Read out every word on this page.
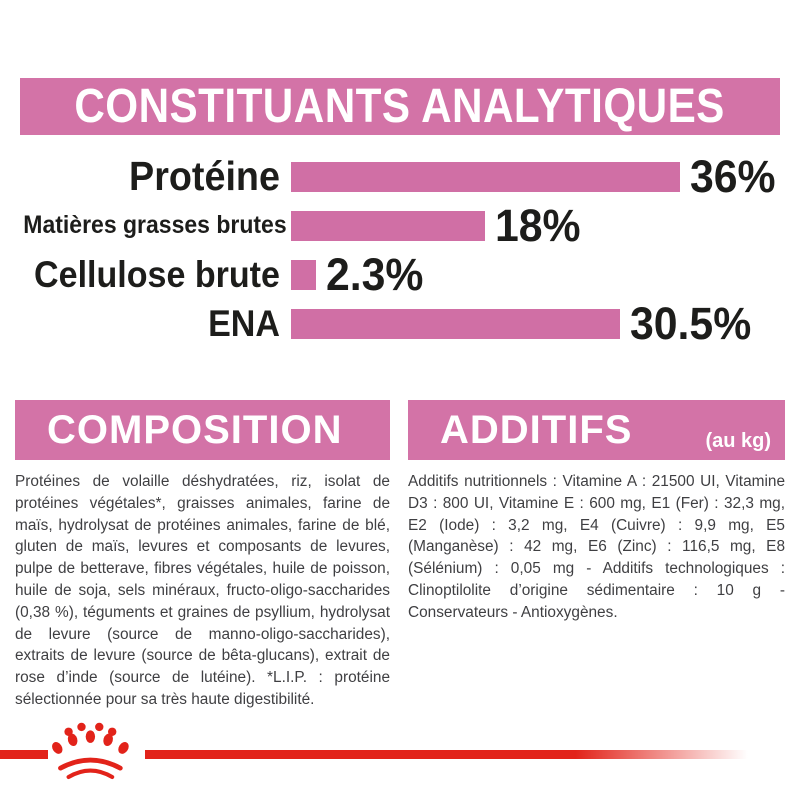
CONSTITUANTS ANALYTIQUES
Protéine	36%
Matières grasses brutes	18%
Cellulose brute 2.3%
ENA	30.5%
COMPOSITION
Protéines de volaille déshydratées, riz, isolat de protéines végétales*, graisses animales, farine de maïs, hydrolysat de protéines animales, farine de blé, gluten de maïs, levures et composants de levures, pulpe de betterave, fibres végétales, huile de poisson, huile de soja, sels minéraux, fructo-oligo-saccharides (0,38 %), téguments et graines de psyllium, hydrolysat de levure (source de manno-oligo-saccharides), extraits de levure (source de bêta-glucans), extrait de rose d’inde (source de lutéine). *L.I.P. : protéine sélectionnée pour sa très haute digestibilité.
ADDITIFS	(au kg)
Additifs nutritionnels : Vitamine A : 21500 UI, Vitamine D3 : 800 UI, Vitamine E : 600 mg, E1 (Fer) : 32,3 mg, E2 (Iode) : 3,2 mg, E4 (Cuivre) : 9,9 mg, E5 (Manganèse) : 42 mg, E6 (Zinc) : 116,5 mg, E8 (Sélénium) : 0,05 mg - Additifs technologiques : Clinoptilolite d’origine sédimentaire : 10 g - Conservateurs - Antioxygènes.
